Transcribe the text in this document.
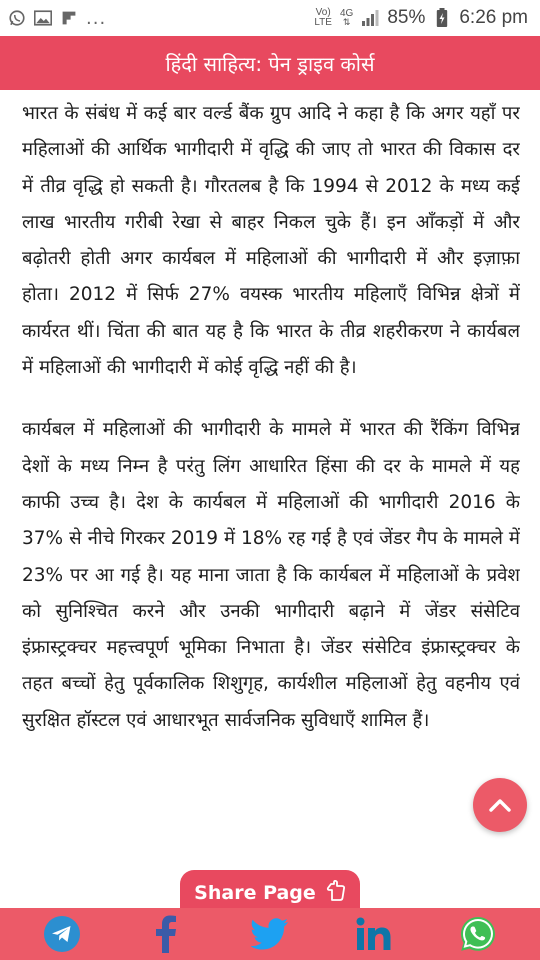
...	Vo)
LTE
4G
⇅ 85% 6:26 pm
हिंदी साहित्य: पेन ड्राइव कोर्स

भारत के संबंध में कई बार वर्ल्ड बैंक ग्रुप आदि ने कहा है कि अगर यहाँ पर महिलाओं की आर्थिक भागीदारी में वृद्धि की जाए तो भारत की विकास दर में तीव्र वृद्धि हो सकती है। गौरतलब है कि 1994 से 2012 के मध्य कई लाख भारतीय गरीबी रेखा से बाहर निकल चुके हैं। इन आँकड़ों में और बढ़ोतरी होती अगर कार्यबल में महिलाओं की भागीदारी में और इज़ाफ़ा होता। 2012 में सिर्फ 27% वयस्क भारतीय महिलाएँ विभिन्न क्षेत्रों में कार्यरत थीं। चिंता की बात यह है कि भारत के तीव्र शहरीकरण ने कार्यबल में महिलाओं की भागीदारी में कोई वृद्धि नहीं की है।

कार्यबल में महिलाओं की भागीदारी के मामले में भारत की रैंकिंग विभिन्न देशों के मध्य निम्न है परंतु लिंग आधारित हिंसा की दर के मामले में यह काफी उच्च है। देश के कार्यबल में महिलाओं की भागीदारी 2016 के 37% से नीचे गिरकर 2019 में 18% रह गई है एवं जेंडर गैप के मामले में 23% पर आ गई है। यह माना जाता है कि कार्यबल में महिलाओं के प्रवेश को सुनिश्चित करने और उनकी भागीदारी बढ़ाने में जेंडर संसेटिव इंफ्रास्ट्रक्चर महत्त्वपूर्ण भूमिका निभाता है। जेंडर संसेटिव इंफ्रास्ट्रक्चर के तहत बच्चों हेतु पूर्वकालिक शिशुगृह, कार्यशील महिलाओं हेतु वहनीय एवं सुरक्षित हॉस्टल एवं आधारभूत सार्वजनिक सुविधाएँ शामिल हैं।

Share Page
